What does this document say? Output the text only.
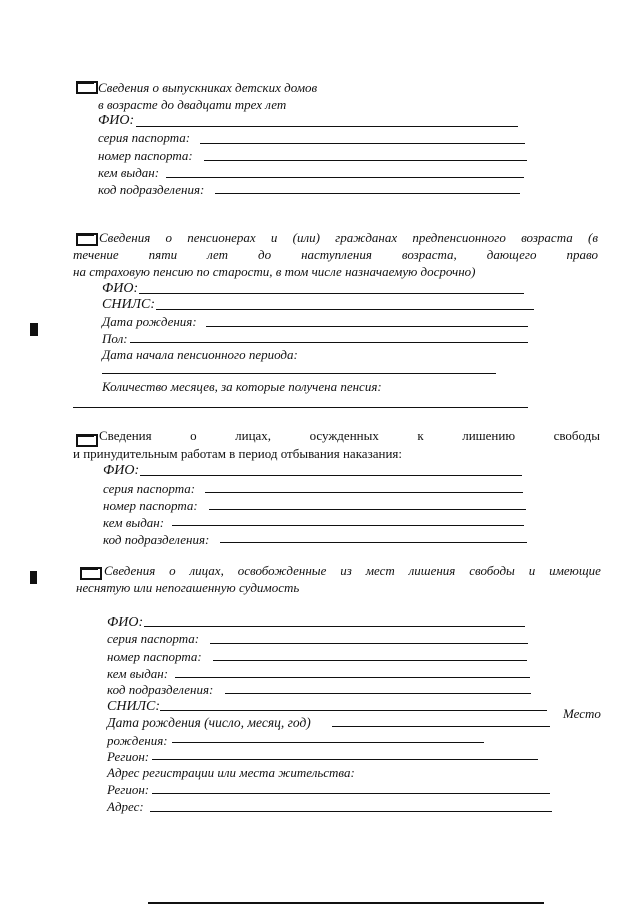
Сведения о выпускниках детских домов
в возрасте до двадцати трех лет
ФИО:
серия паспорта:
номер паспорта:
кем выдан:
код подразделения:
Сведения о пенсионерах и (или) гражданах предпенсионного возраста (в
течение пяти лет до наступления возраста, дающего право
на страховую пенсию по старости, в том числе назначаемую досрочно)
ФИО:
СНИЛС:
Дата рождения:
Пол:
Дата начала пенсионного периода:
Количество месяцев, за которые получена пенсия:
Сведения	о	лицах,	осужденных	к	лишению	свободы
и принудительным работам в период отбывания наказания:
ФИО:
серия паспорта:
номер паспорта:
кем выдан:
код подразделения:
Сведения о лицах, освобожденные из мест лишения свободы и имеющие
неснятую или непогашенную судимость
ФИО:
серия паспорта:
номер паспорта:
кем выдан:
код подразделения:
СНИЛС:
Дата рождения (число, месяц, год)
Место
рождения:
Регион:
Адрес регистрации или места жительства:
Регион:
Адрес:
